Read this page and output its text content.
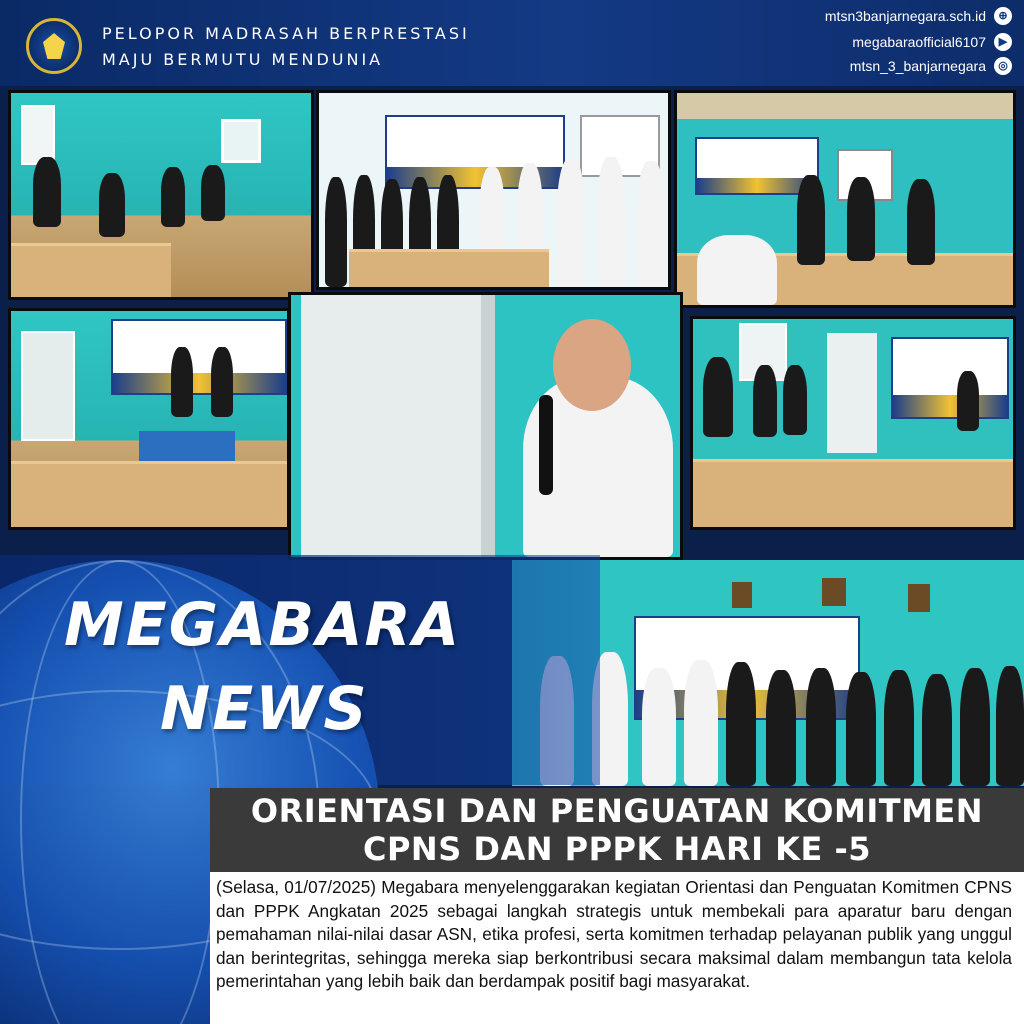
PELOPOR MADRASAH BERPRESTASI
MAJU BERMUTU MENDUNIA
mtsn3banjarnegara.sch.id	⊕
megabaraofficial6107	▶
mtsn_3_banjarnegara	◎
MEGABARA
NEWS
ORIENTASI DAN PENGUATAN KOMITMEN
CPNS DAN PPPK HARI KE -5
(Selasa, 01/07/2025) Megabara menyelenggarakan kegiatan Orientasi dan Penguatan Komitmen CPNS dan PPPK Angkatan 2025 sebagai langkah strategis untuk membekali para aparatur baru dengan pemahaman nilai-nilai dasar ASN, etika profesi, serta komitmen terhadap pelayanan publik yang unggul dan berintegritas, sehingga mereka siap berkontribusi secara maksimal dalam membangun tata kelola pemerintahan yang lebih baik dan berdampak positif bagi masyarakat.
